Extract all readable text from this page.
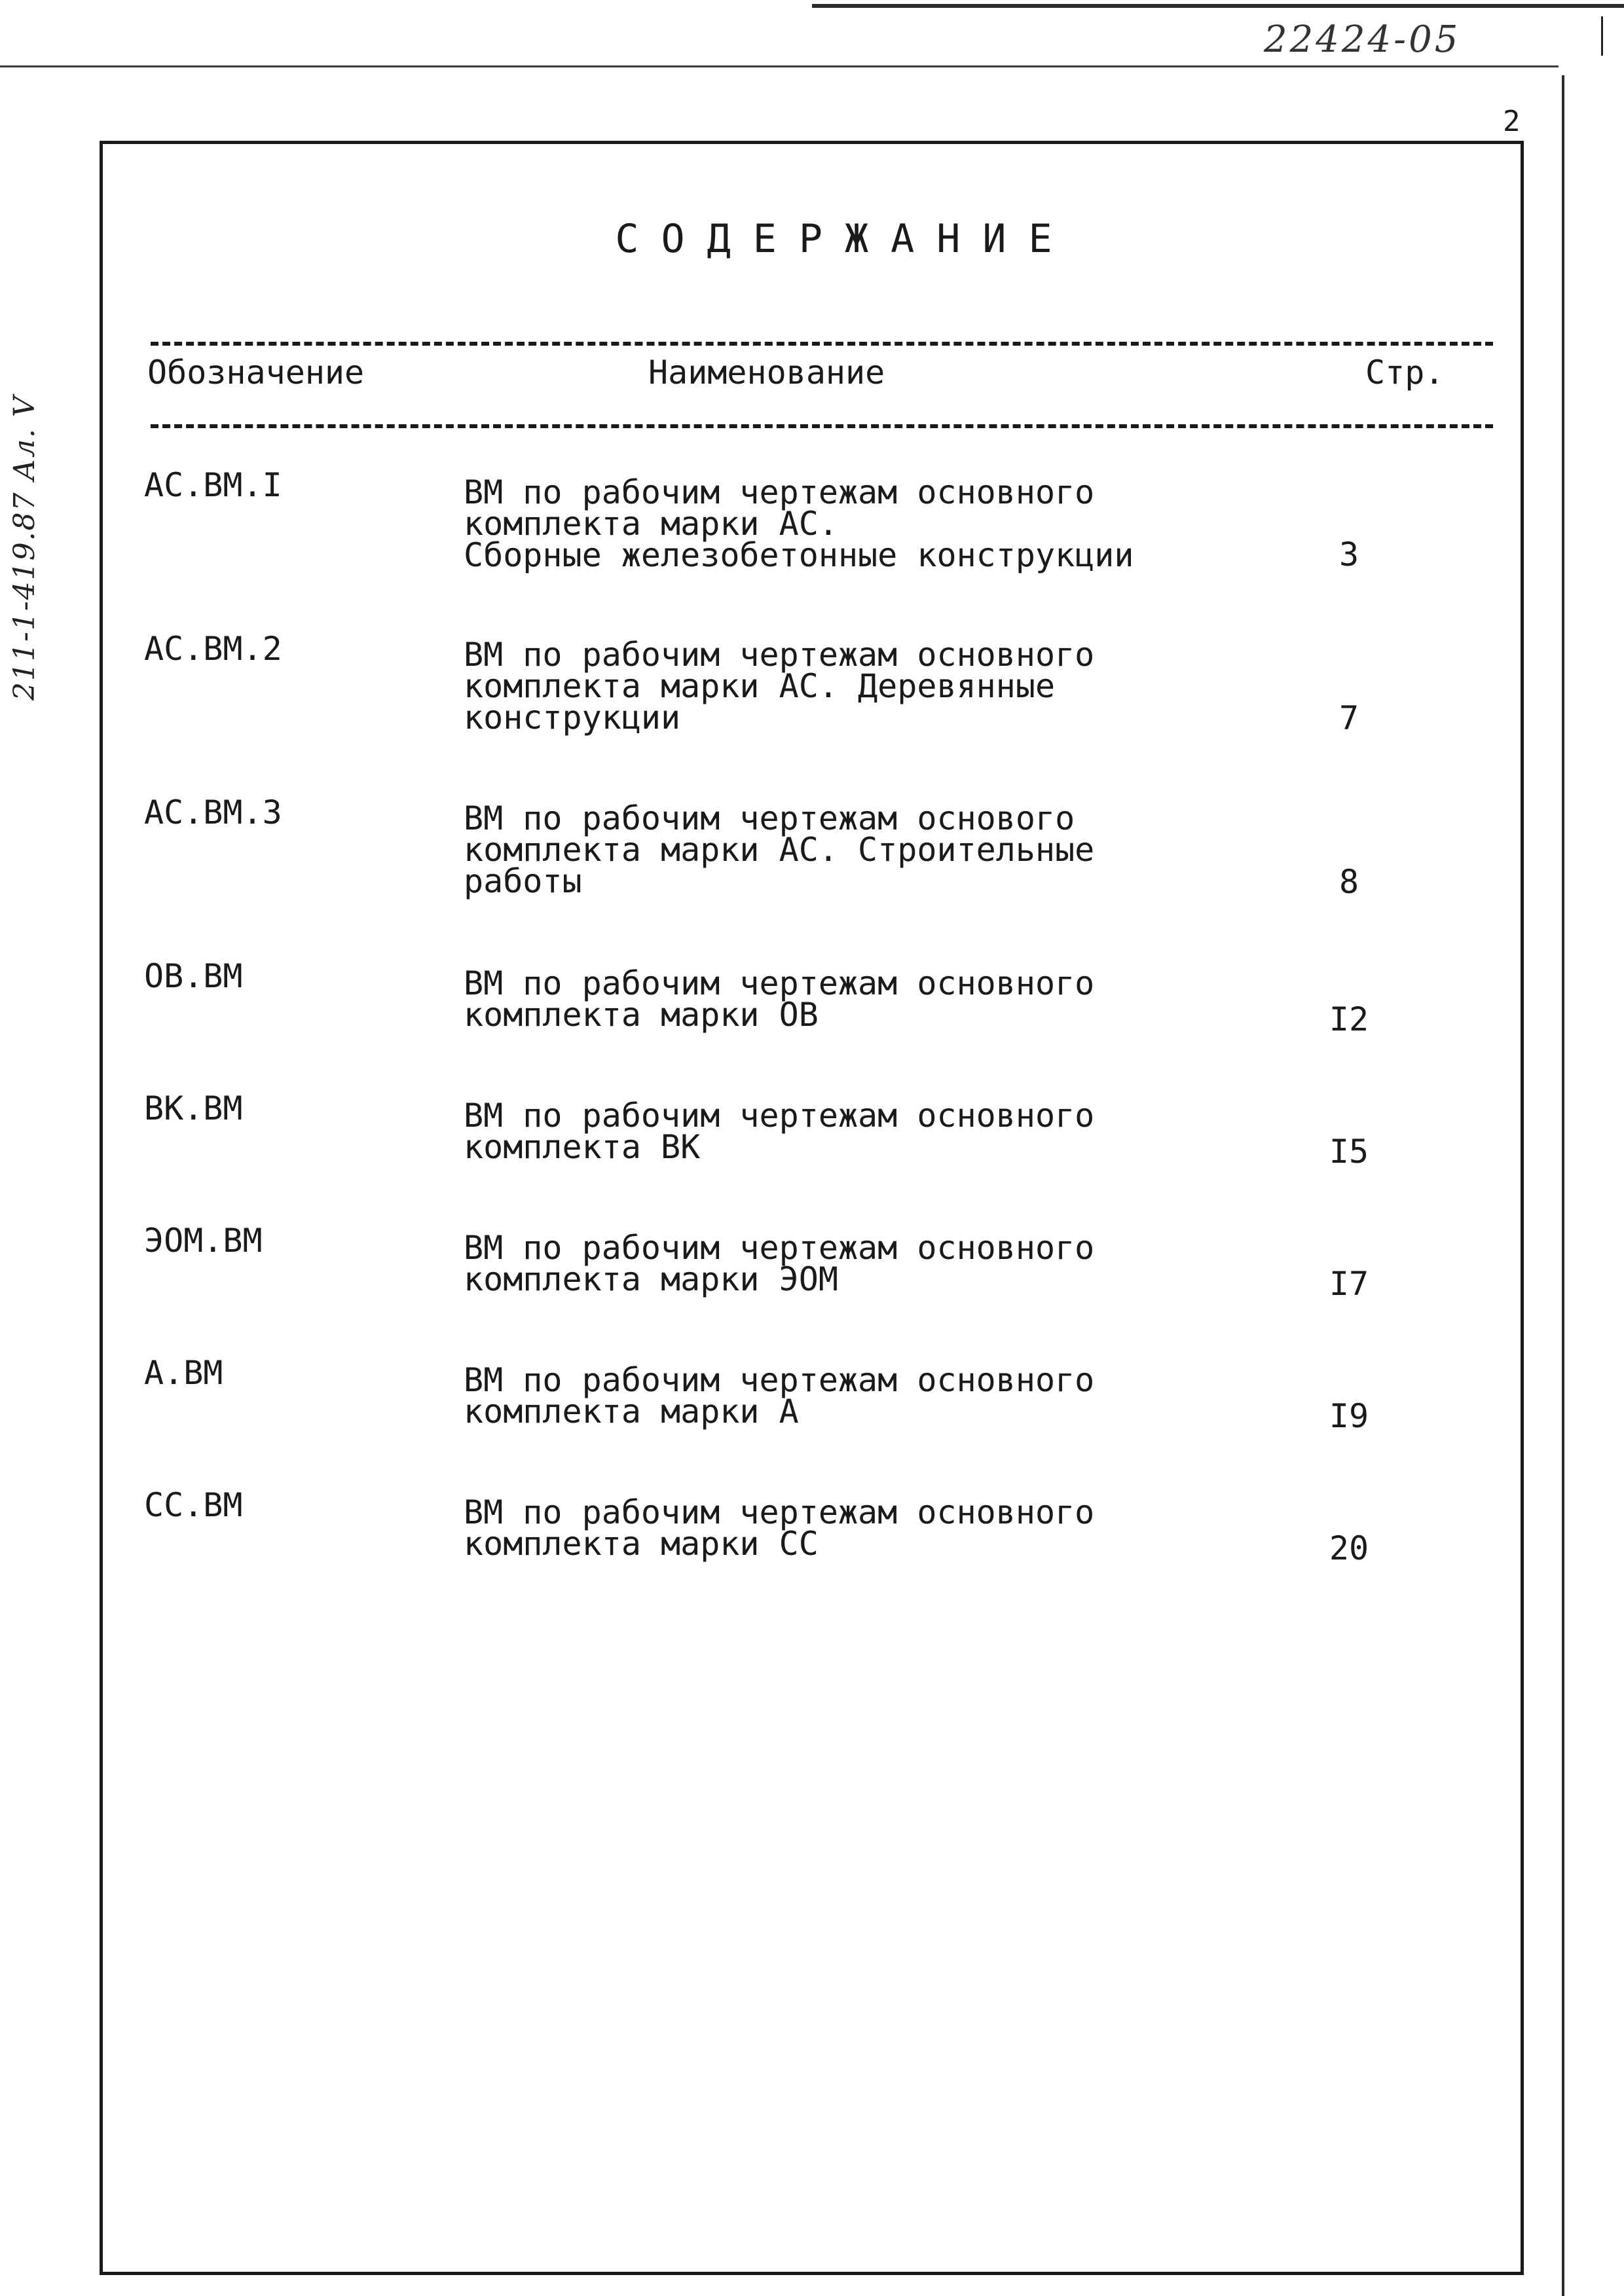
22424-05
2
211-1-419.87 Ал. V
СОДЕРЖАНИЕ
Обозначение	Наименование	Стр.
АС.ВМ.I	ВМ по рабочим чертежам основного
комплекта марки АС.
Сборные железобетонные конструкции	3
АС.ВМ.2	ВМ по рабочим чертежам основного
комплекта марки АС. Деревянные
конструкции	7
АС.ВМ.3	ВМ по рабочим чертежам основого
комплекта марки АС. Строительные
работы	8
ОВ.ВМ	ВМ по рабочим чертежам основного
комплекта марки ОВ	I2
ВК.ВМ	ВМ по рабочим чертежам основного
комплекта ВК	I5
ЭОМ.ВМ	ВМ по рабочим чертежам основного
комплекта марки ЭОМ	I7
А.ВМ	ВМ по рабочим чертежам основного
комплекта марки А	I9
СС.ВМ	ВМ по рабочим чертежам основного
комплекта марки СС	20
